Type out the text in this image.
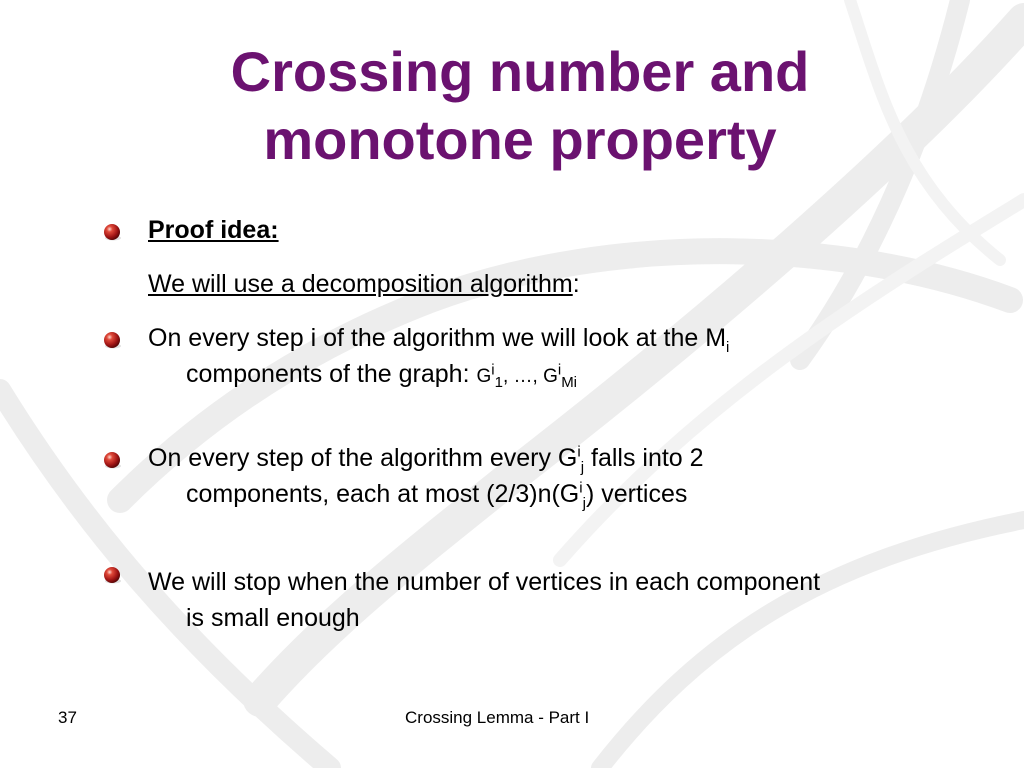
Crossing number and
monotone property
Proof idea:
We will use a decomposition algorithm:
On every step i of the algorithm we will look at the $M_i$
components of the graph: $G^i_1$, …, $G^i_{Mi}$
On every step of the algorithm every $G^i_j$ falls into 2
components, each at most $(2/3)n(G^i_j)$ vertices
We will stop when the number of vertices in each component
is small enough
37	Crossing Lemma - Part I
